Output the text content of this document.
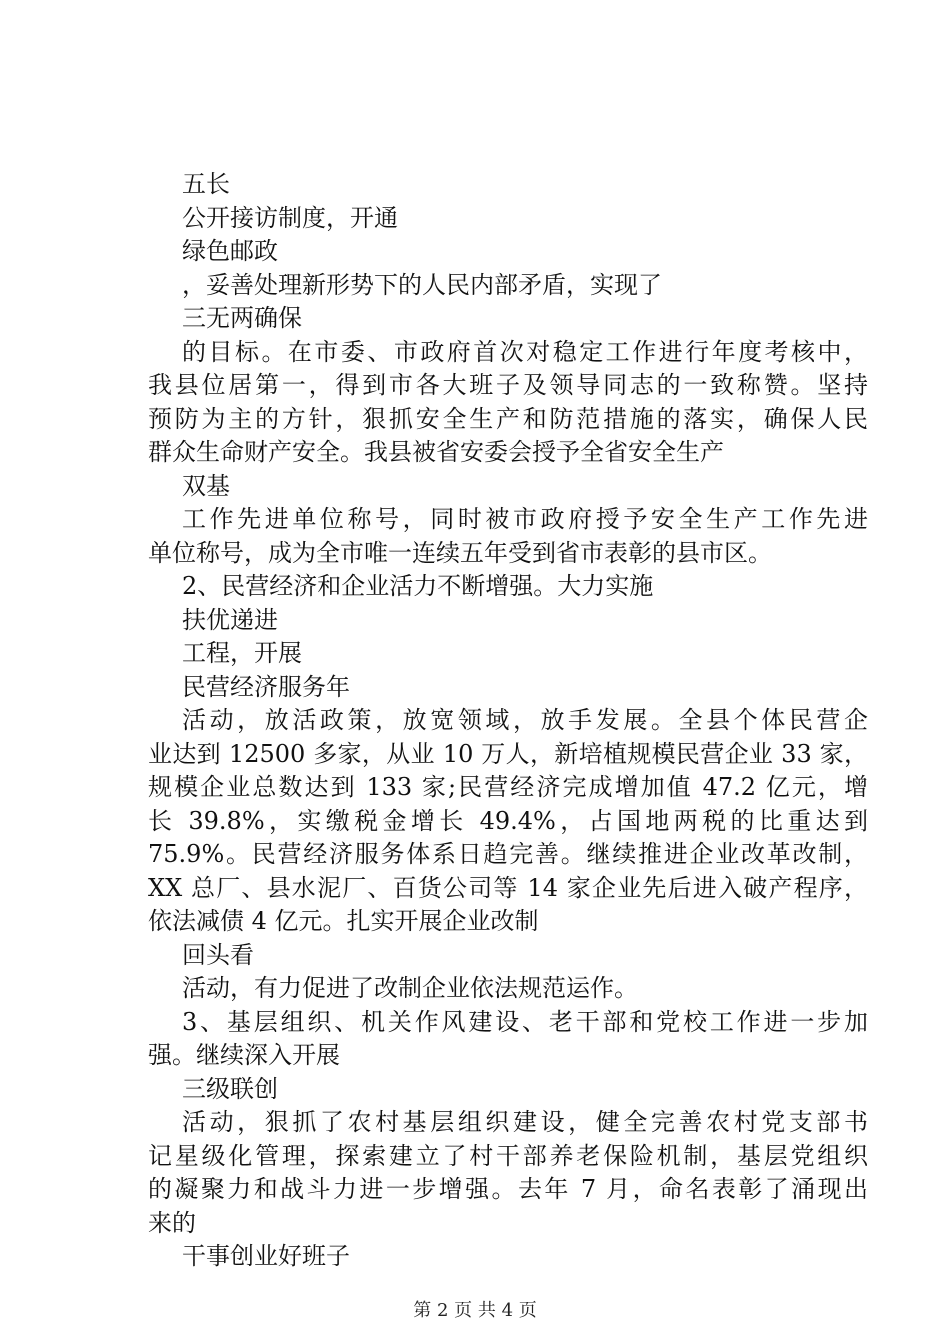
五长
公开接访制度，开通
绿色邮政
，妥善处理新形势下的人民内部矛盾，实现了
三无两确保
的目标。在市委、市政府首次对稳定工作进行年度考核中，
我县位居第一，得到市各大班子及领导同志的一致称赞。坚持
预防为主的方针，狠抓安全生产和防范措施的落实，确保人民
群众生命财产安全。我县被省安委会授予全省安全生产
双基
工作先进单位称号，同时被市政府授予安全生产工作先进
单位称号，成为全市唯一连续五年受到省市表彰的县市区。
2、民营经济和企业活力不断增强。大力实施
扶优递进
工程，开展
民营经济服务年
活动，放活政策，放宽领域，放手发展。全县个体民营企
业达到 12500 多家，从业 10 万人，新培植规模民营企业 33 家，
规模企业总数达到 133 家;民营经济完成增加值 47.2 亿元，增
长 39.8%，实缴税金增长 49.4%，占国地两税的比重达到
75.9%。民营经济服务体系日趋完善。继续推进企业改革改制，
XX 总厂、县水泥厂、百货公司等 14 家企业先后进入破产程序，
依法减债 4 亿元。扎实开展企业改制
回头看
活动，有力促进了改制企业依法规范运作。
3、基层组织、机关作风建设、老干部和党校工作进一步加
强。继续深入开展
三级联创
活动，狠抓了农村基层组织建设，健全完善农村党支部书
记星级化管理，探索建立了村干部养老保险机制，基层党组织
的凝聚力和战斗力进一步增强。去年 7 月，命名表彰了涌现出
来的
干事创业好班子
第 2 页 共 4 页
